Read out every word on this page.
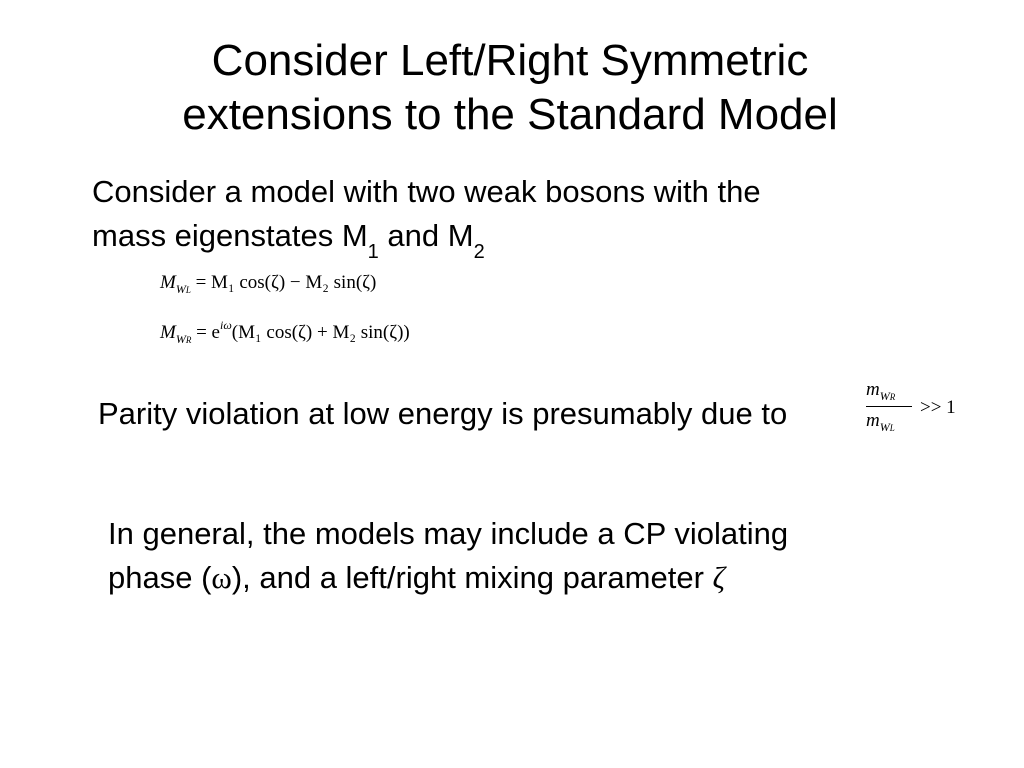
Consider Left/Right Symmetric
extensions to the Standard Model
Consider a model with two weak bosons with the mass eigenstates $M_1$ and $M_2$
$M_{WL} = M_1$ cos(ζ) − M₂ sin(ζ)
$M_{WR} = e^{i\omega}(M_1$ cos(ζ) + M₂ sin(ζ))
Parity violation at low energy is presumably due to
$m_{WR}$
$m_{WL}$
>> 1
In general, the models may include a CP violating phase (ω), and a left/right mixing parameter ζ
